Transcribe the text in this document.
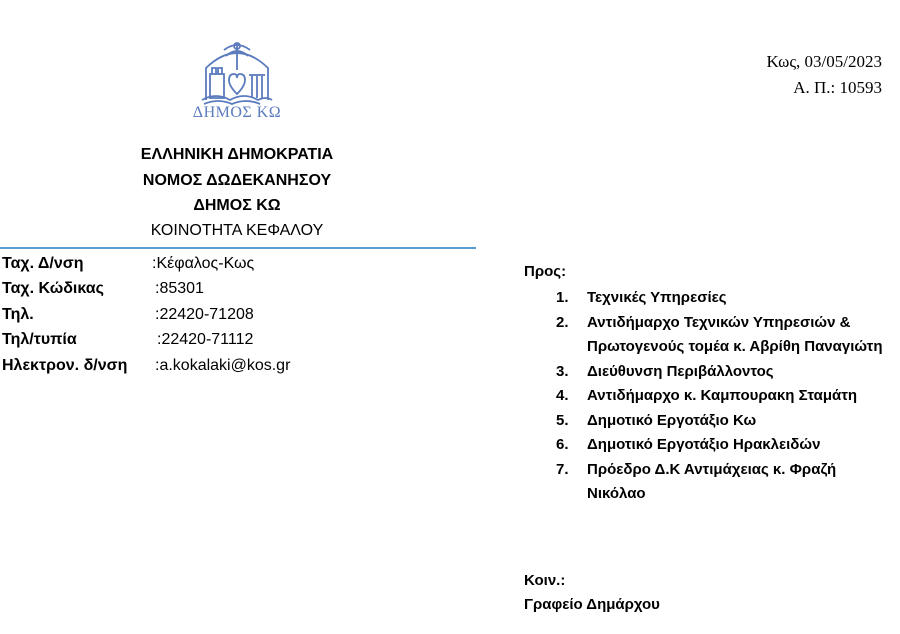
ΔΗΜΟΣ ΚΩ
ΕΛΛΗΝΙΚΗ ΔΗΜΟΚΡΑΤΙΑ
ΝΟΜΟΣ ΔΩΔΕΚΑΝΗΣΟΥ
ΔΗΜΟΣ ΚΩ
ΚΟΙΝΟΤΗΤΑ ΚΕΦΑΛΟΥ
Ταχ. Δ/νση	:Κέφαλος-Κως
Ταχ. Κώδικας	:85301
Τηλ.	:22420-71208
Τηλ/τυπία	:22420-71112
Ηλεκτρον. δ/νση :a.kokalaki@kos.gr
Κως, 03/05/2023
Α. Π.: 10593
Προς:
1. Τεχνικές Υπηρεσίες
2. Αντιδήμαρχο Τεχνικών Υπηρεσιών & Πρωτογενούς τομέα κ. Αβρίθη Παναγιώτη
3. Διεύθυνση Περιβάλλοντος
4. Αντιδήμαρχο κ. Καμπουρακη Σταμάτη
5. Δημοτικό Εργοτάξιο Κω
6. Δημοτικό Εργοτάξιο Ηρακλειδών
7. Πρόεδρο Δ.Κ Αντιμάχειας κ. Φραζή Νικόλαο
Κοιν.:
Γραφείο Δημάρχου
